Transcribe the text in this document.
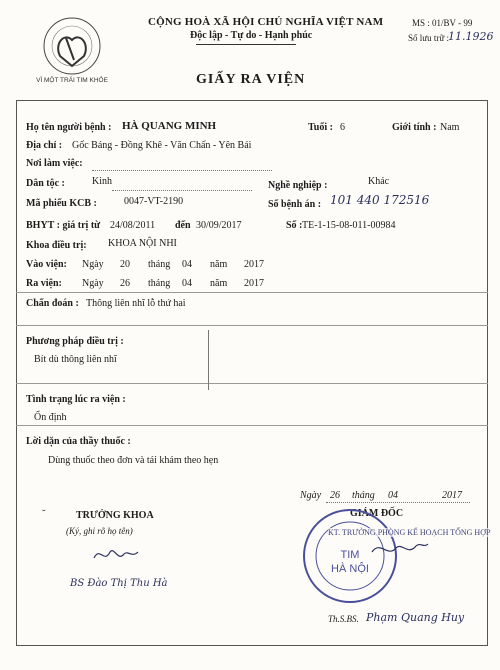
VÌ MỘT TRÁI TIM KHỎE
CỘNG HOÀ XÃ HỘI CHỦ NGHĨA VIỆT NAM
Độc lập - Tự do - Hạnh phúc
MS : 01/BV - 99
Số lưu trữ :
11.1926
GIẤY RA VIỆN
Họ tên người bệnh : HÀ QUANG MINH	Tuổi : 6	Giới tính : Nam
Địa chỉ : Gốc Báng - Đồng Khê - Văn Chấn - Yên Bái
Nơi làm việc:
Dân tộc :	Kinh	Nghề nghiệp :	Khác
Mã phiếu KCB :	0047-VT-2190	Số bệnh án : 101 440 172516
BHYT : giá trị từ 24/08/2011 đến 30/09/2017	Số : TE-1-15-08-011-00984
Khoa điều trị: KHOA NỘI NHI
Vào viện: Ngày 20 tháng 04 năm 2017
Ra viện: Ngày 26 tháng 04 năm 2017
Chẩn đoán : Thông liên nhĩ lỗ thứ hai
Phương pháp điều trị :
Bít dù thông liên nhĩ
Tình trạng lúc ra viện :
Ổn định
Lời dặn của thầy thuốc :
Dùng thuốc theo đơn và tái khám theo hẹn
Ngày 26 tháng 04	2017
˘	TRƯỞNG KHOA
(Ký, ghi rõ họ tên)
BS Đào Thị Thu Hà
GIÁM ĐỐC
TIM
HÀ NỘI
KT. TRƯỞNG PHÒNG KẾ HOẠCH TỔNG HỢP
Th.S.BS. Phạm Quang Huy
